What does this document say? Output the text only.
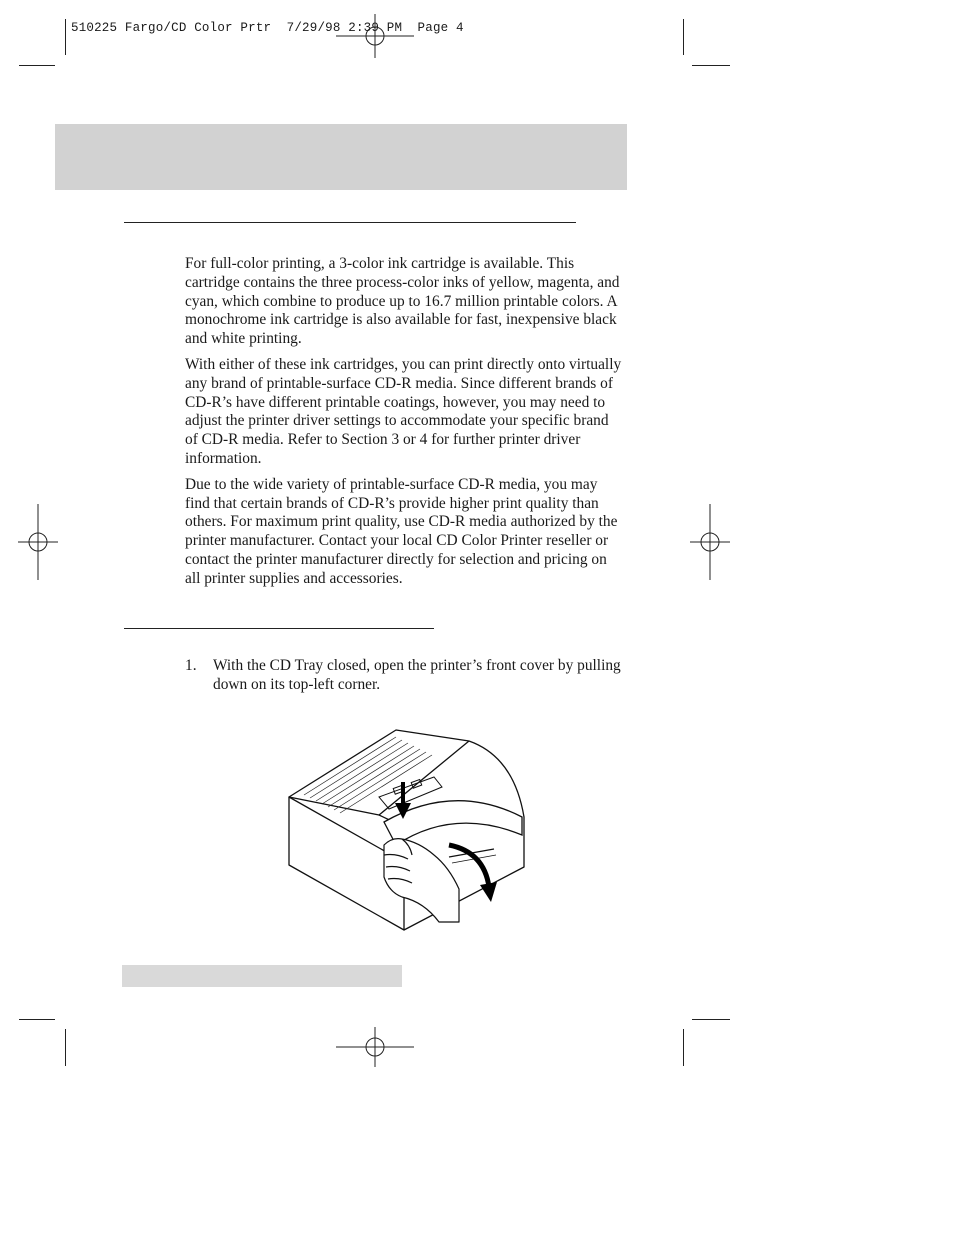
510225 Fargo/CD Color Prtr  7/29/98 2:39 PM  Page 4

For full-color printing, a 3-color ink cartridge is available. This cartridge contains the three process-color inks of yellow, magenta, and cyan, which combine to produce up to 16.7 million printable colors. A monochrome ink cartridge is also available for fast, inexpensive black and white printing.

With either of these ink cartridges, you can print directly onto virtually any brand of printable-surface CD-R media. Since different brands of CD-R’s have different printable coatings, however, you may need to adjust the printer driver settings to accommodate your specific brand of CD-R media. Refer to Section 3 or 4 for further printer driver information.

Due to the wide variety of printable-surface CD-R media, you may find that certain brands of CD-R’s provide higher print quality than others. For maximum print quality, use CD-R media authorized by the printer manufacturer. Contact your local CD Color Printer reseller or contact the printer manufacturer directly for selection and pricing on all printer supplies and accessories.

1.	With the CD Tray closed, open the printer’s front cover by pulling down on its top-left corner.
